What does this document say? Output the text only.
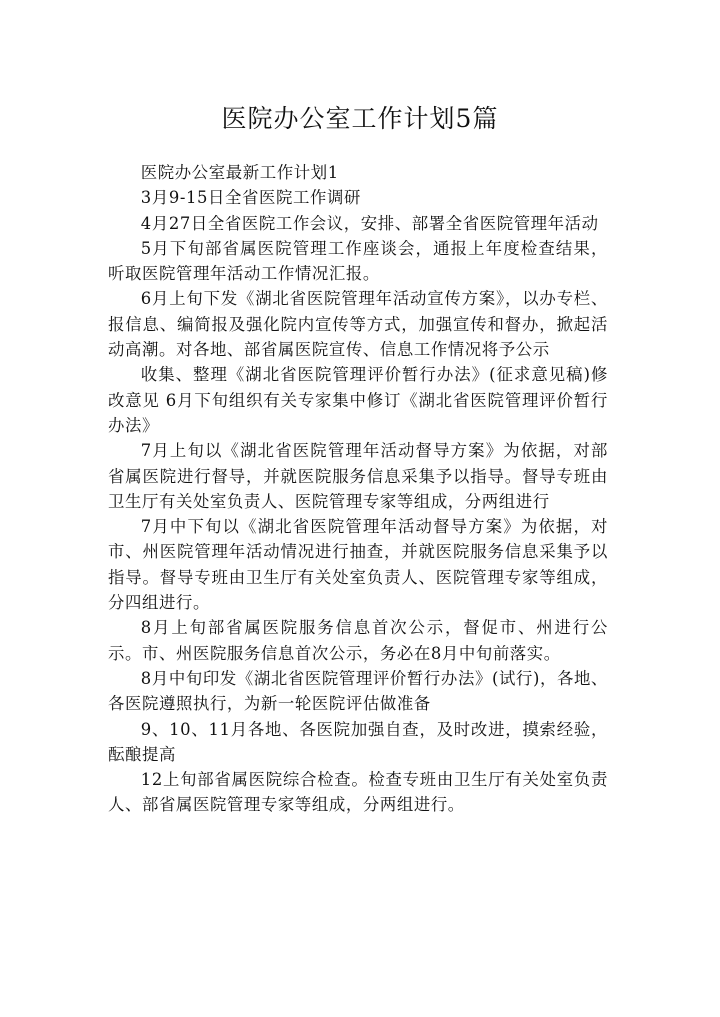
医院办公室工作计划5篇

医院办公室最新工作计划1

3月9-15日全省医院工作调研

4月27日全省医院工作会议，安排、部署全省医院管理年活动

5月下旬部省属医院管理工作座谈会，通报上年度检查结果，听取医院管理年活动工作情况汇报。

6月上旬下发《湖北省医院管理年活动宣传方案》，以办专栏、报信息、编简报及强化院内宣传等方式，加强宣传和督办，掀起活动高潮。对各地、部省属医院宣传、信息工作情况将予公示

收集、整理《湖北省医院管理评价暂行办法》(征求意见稿)修改意见 6月下旬组织有关专家集中修订《湖北省医院管理评价暂行办法》

7月上旬以《湖北省医院管理年活动督导方案》为依据，对部省属医院进行督导，并就医院服务信息采集予以指导。督导专班由卫生厅有关处室负责人、医院管理专家等组成，分两组进行

7月中下旬以《湖北省医院管理年活动督导方案》为依据，对市、州医院管理年活动情况进行抽查，并就医院服务信息采集予以指导。督导专班由卫生厅有关处室负责人、医院管理专家等组成，分四组进行。

8月上旬部省属医院服务信息首次公示，督促市、州进行公示。市、州医院服务信息首次公示，务必在8月中旬前落实。

8月中旬印发《湖北省医院管理评价暂行办法》(试行)，各地、各医院遵照执行，为新一轮医院评估做准备

9、10、11月各地、各医院加强自查，及时改进，摸索经验，酝酿提高

12上旬部省属医院综合检查。检查专班由卫生厅有关处室负责人、部省属医院管理专家等组成，分两组进行。
